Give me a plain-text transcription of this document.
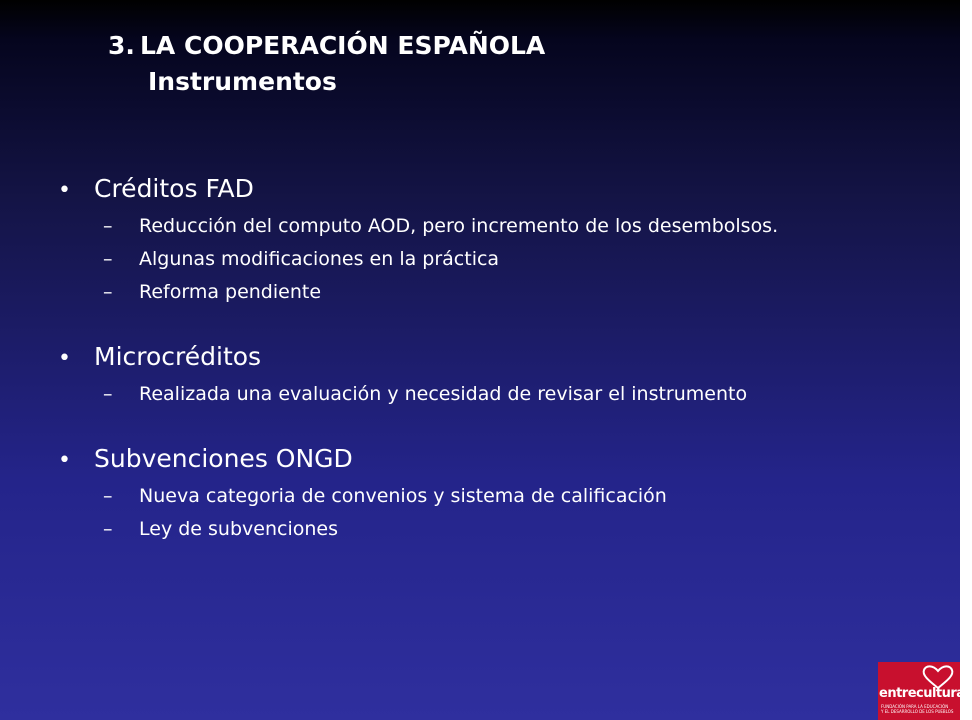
3. LA COOPERACIÓN ESPAÑOLA
Instrumentos
• Créditos FAD
–	Reducción del computo AOD, pero incremento de los desembolsos.
–	Algunas modificaciones en la práctica
–	Reforma pendiente
• Microcréditos
–	Realizada una evaluación y necesidad de revisar el instrumento
• Subvenciones ONGD
–	Nueva categoria de convenios y sistema de calificación
–	Ley de subvenciones
entreculturas
FUNDACIÓN PARA LA EDUCACIÓN
Y EL DESARROLLO DE LOS PUEBLOS
